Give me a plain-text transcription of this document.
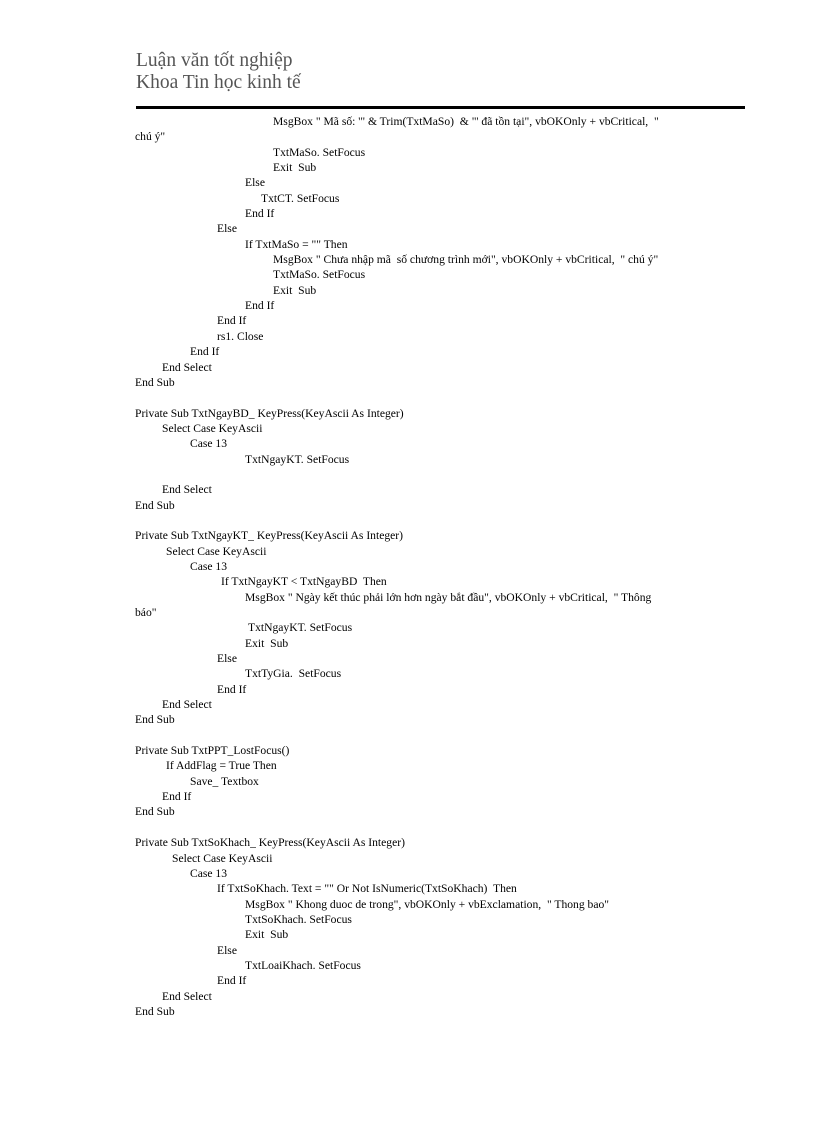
Luận văn tốt nghiệp
Khoa Tin học kinh tế
MsgBox " Mã số: '" & Trim(TxtMaSo)  & "' đã tồn tại", vbOKOnly + vbCritical,  "
chú ý"
TxtMaSo. SetFocus
Exit  Sub
Else
TxtCT. SetFocus
End If
Else
If TxtMaSo = "" Then
MsgBox " Chưa nhập mã  số chương trình mới", vbOKOnly + vbCritical,  " chú ý"
TxtMaSo. SetFocus
Exit  Sub
End If
End If
rs1. Close
End If
End Select
End Sub
Private Sub TxtNgayBD_ KeyPress(KeyAscii As Integer)
Select Case KeyAscii
Case 13
TxtNgayKT. SetFocus
End Select
End Sub
Private Sub TxtNgayKT_ KeyPress(KeyAscii As Integer)
Select Case KeyAscii
Case 13
If TxtNgayKT < TxtNgayBD  Then
MsgBox " Ngày kết thúc phải lớn hơn ngày bắt đầu", vbOKOnly + vbCritical,  " Thông
báo"
TxtNgayKT. SetFocus
Exit  Sub
Else
TxtTyGia.  SetFocus
End If
End Select
End Sub
Private Sub TxtPPT_LostFocus()
If AddFlag = True Then
Save_ Textbox
End If
End Sub
Private Sub TxtSoKhach_ KeyPress(KeyAscii As Integer)
Select Case KeyAscii
Case 13
If TxtSoKhach. Text = "" Or Not IsNumeric(TxtSoKhach)  Then
MsgBox " Khong duoc de trong", vbOKOnly + vbExclamation,  " Thong bao"
TxtSoKhach. SetFocus
Exit  Sub
Else
TxtLoaiKhach. SetFocus
End If
End Select
End Sub
